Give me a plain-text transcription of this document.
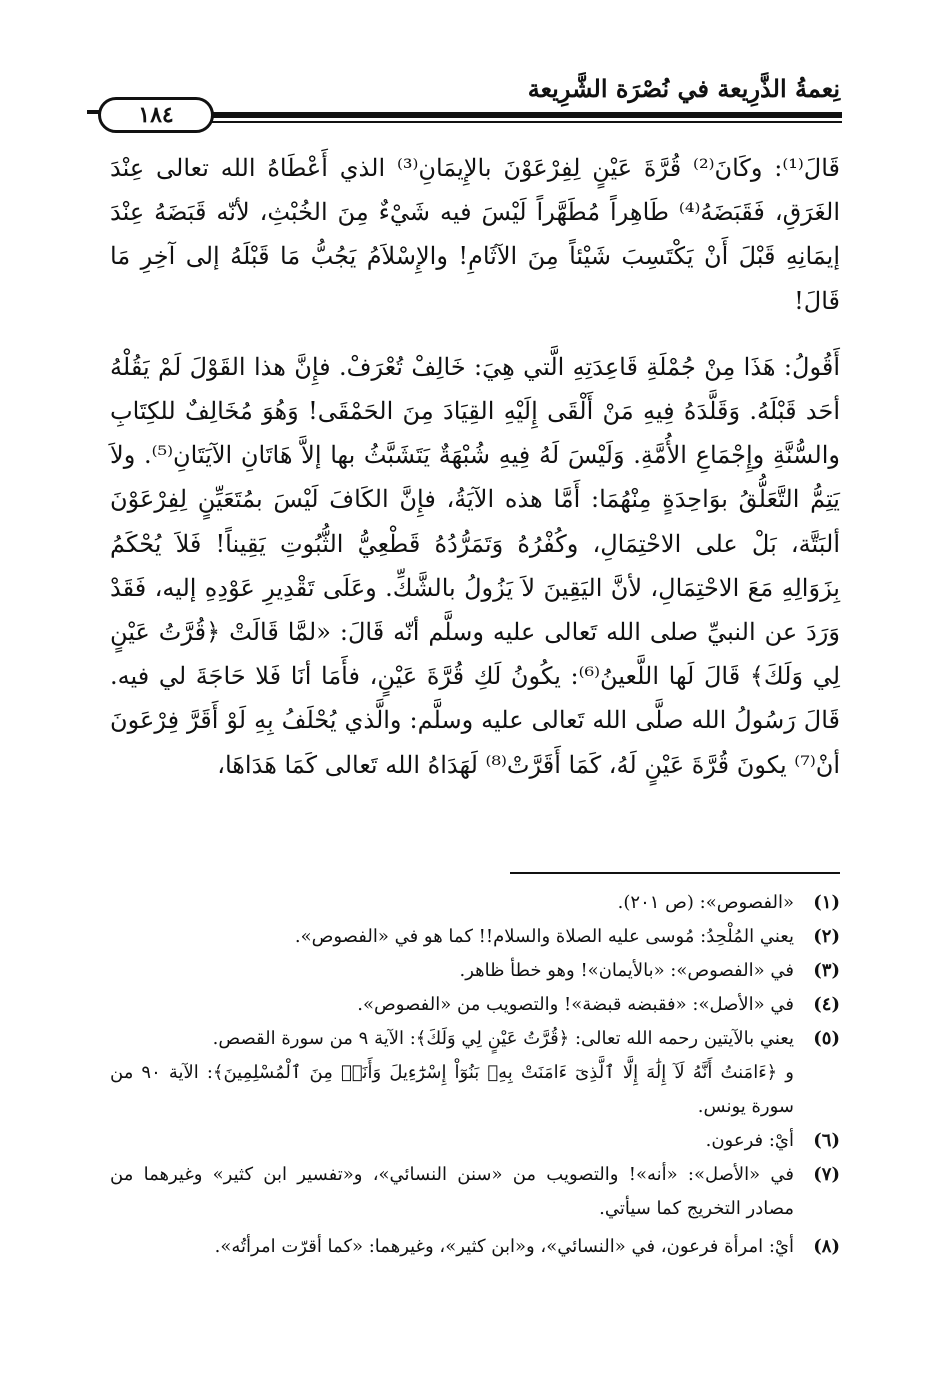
نِعمةُ الذَّرِيعة في نُصْرَة الشَّرِيعة
١٨٤

قَالَ⁽¹⁾: وكَانَ⁽²⁾ قُرَّةَ عَيْنٍ لِفِرْعَوْنَ بالإِيمَانِ⁽³⁾ الذي أَعْطَاهُ الله تعالى عِنْدَ الغَرَقِ، فَقَبَضَهُ⁽⁴⁾ طَاهِراً مُطَهَّراً لَيْسَ فيه شَيْءٌ مِنَ الخُبْثِ، لأنّه قَبَضَهُ عِنْدَ إيمَانِهِ قَبْلَ أَنْ يَكْتَسِبَ شَيْئاً مِنَ الآثَامِ! والإِسْلاَمُ يَجُبُّ مَا قَبْلَهُ إلى آخِرِ مَا قَالَ!

أَقُولُ: هَذَا مِنْ جُمْلَةِ قَاعِدَتِهِ الَّتي هِيَ: خَالِفْ تُعْرَفْ. فإِنَّ هذا القَوْلَ لَمْ يَقُلْهُ أحَد قَبْلَهُ. وَقَلَّدَهُ فِيهِ مَنْ أَلْقَى إِلَيْهِ القِيَادَ مِنَ الحَمْقَى! وَهُوَ مُخَالِفٌ للكِتَابِ والسُّنَّةِ وإِجْمَاعِ الأُمَّةِ. وَلَيْسَ لَهُ فِيهِ شُبْهَةٌ يَتَشَبَّثُ بها إلاَّ هَاتَانِ الآيَتَانِ⁽⁵⁾. ولاَ يَتِمُّ التَّعَلُّقُ بوَاحِدَةٍ مِنْهُمَا: أَمَّا هذه الآيَةُ، فإِنَّ الكَافَ لَيْسَ بمُتَعَيِّنٍ لِفِرْعَوْنَ ألبَتَّة، بَلْ على الاحْتِمَالِ، وكُفْرُهُ وَتَمَرُّدُهُ قَطْعِيُّ الثُّبُوتِ يَقِيناً! فَلاَ يُحْكَمُ بِزَوَالِهِ مَعَ الاحْتِمَالِ، لأنَّ اليَقِينَ لاَ يَزُولُ بالشَّكِّ. وعَلَى تَقْدِيرِ عَوْدِهِ إليه، فَقَدْ وَرَدَ عن النبيِّ صلى الله تَعالى عليه وسلَّم أنّه قَالَ: «لمَّا قَالَتْ ﴿قُرَّتُ عَيْنٍ لِي وَلَكَ﴾ قَالَ لَها اللَّعينُ⁽⁶⁾: يكُونُ لَكِ قُرَّةَ عَيْنٍ، فأَمَا أنَا فَلا حَاجَةَ لي فيه. قَالَ رَسُولُ الله صلَّى الله تَعالى عليه وسلَّم: والَّذي يُحْلَفُ بِهِ لَوْ أَقَرَّ فِرْعَونَ أنْ⁽⁷⁾ يكونَ قُرَّةَ عَيْنٍ لَهُ، كَمَا أَقَرَّتْ⁽⁸⁾ لَهَدَاهُ الله تَعالى كَمَا هَدَاهَا،

(١)
«الفصوص»: (ص ٢٠١).
(٢)
يعني المُلْحِدُ: مُوسى عليه الصلاة والسلام!! كما هو في «الفصوص».
(٣)
في «الفصوص»: «بالأيمان»! وهو خطأ ظاهر.
(٤)
في «الأصل»: «فقبضه قبضة»! والتصويب من «الفصوص».
(٥)
يعني بالآيتين رحمه الله تعالى: ﴿قُرَّتُ عَيْنٍ لِي وَلَكَ﴾: الآية ٩ من سورة القصص.
و ﴿ءَامَنتُ أَنَّهُ لَآ إِلَٰهَ إِلَّا ٱلَّذِىٓ ءَامَنَتْ بِهِۦ بَنُوٓاْ إِسْرَٰٓءِيلَ وَأَنَا۠ مِنَ ٱلْمُسْلِمِينَ﴾: الآية ٩٠ من سورة يونس.
(٦)
أيْ: فرعون.
(٧)
في «الأصل»: «أنه»! والتصويب من «سنن النسائي»، و«تفسير ابن كثير» وغيرهما من مصادر التخريج كما سيأتي.
(٨)
أيْ: امرأة فرعون، في «النسائي»، و«ابن كثير»، وغيرهما: «كما أقرّت امرأتُه».
